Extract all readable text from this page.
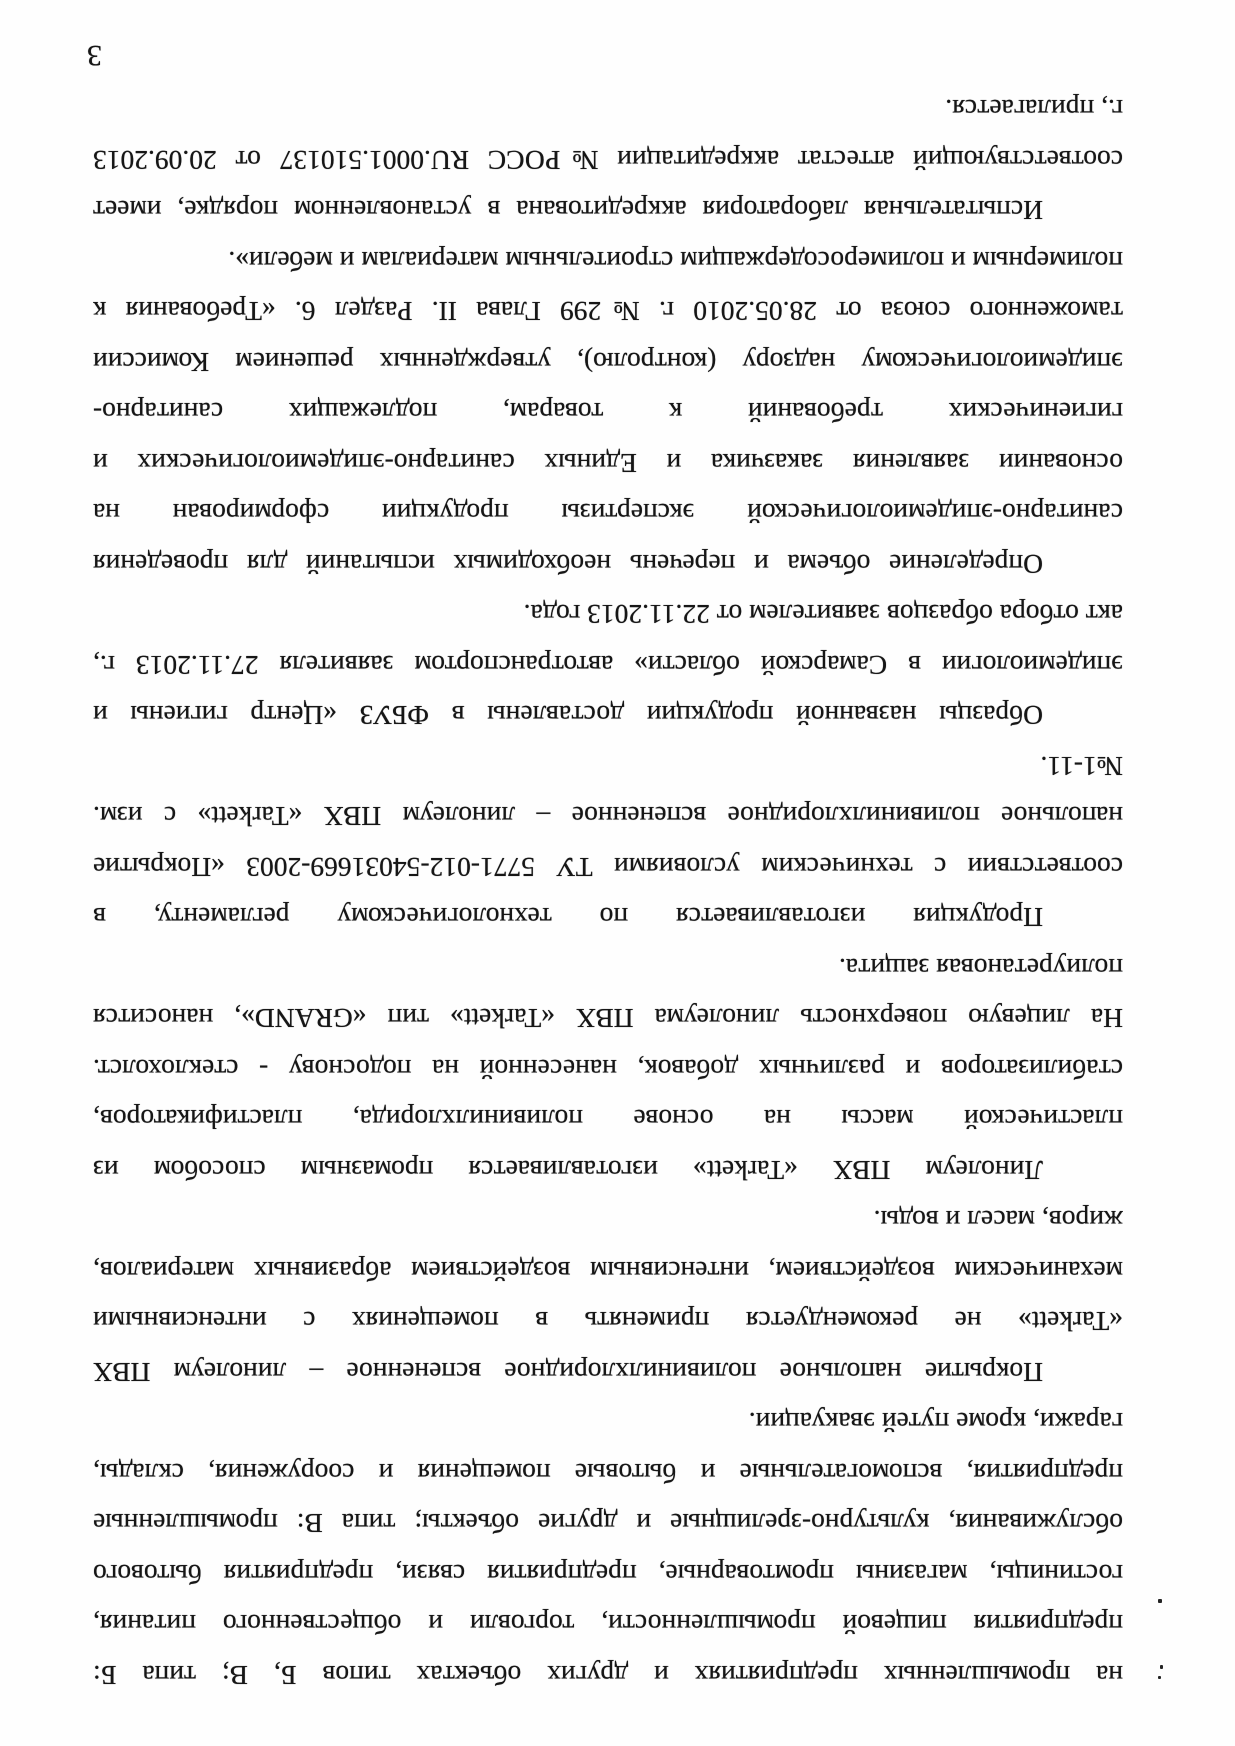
на промышленных предприятиях и других объектах типов Б, В; типа Б:
предприятия пищевой промышленности, торговли и общественного питания,
гостиницы, магазины промтоварные, предприятия связи, предприятия бытового
обслуживания, культурно-зрелищные и другие объекты; типа В: промышленные
предприятия, вспомогательные и бытовые помещения и сооружения, склады,
гаражи, кроме путей эвакуации.
Покрытие напольное поливинилхлоридное вспененное – линолеум ПВХ
«Tarkett» не рекомендуется применять в помещениях с интенсивными
механическим воздействием, интенсивным воздействием абразивных материалов,
жиров, масел и воды.
Линолеум ПВХ «Tarkett» изготавливается промазным способом из
пластической массы на основе поливинилхлорида, пластификаторов,
стабилизаторов и различных добавок, нанесенной на подоснову - стеклохолст.
На лицевую поверхность линолеума ПВХ «Tarkett» тип «GRAND», наносится
полиуретановая защита.
Продукция изготавливается по технологическому регламенту, в
соответствии с техническим условиями ТУ 5771-012-54031669-2003 «Покрытие
напольное поливинилхлоридное вспененное – линолеум ПВХ «Tarkett» с изм.
№1-11.
Образцы названной продукции доставлены в ФБУЗ «Центр гигиены и
эпидемиологии в Самарской области» автотранспортом заявителя 27.11.2013 г.,
акт отбора образцов заявителем от 22.11.2013 года.
Определение объема и перечень необходимых испытаний для проведения
санитарно-эпидемиологической экспертизы продукции сформирован на
основании заявления заказчика и Единых санитарно-эпидемиологических и
гигиенических требований к товарам, подлежащих санитарно-
эпидемиологическому надзору (контролю), утвержденных решением Комиссии
таможенного союза от 28.05.2010 г. №299 Глава II. Раздел 6. «Требования к
полимерным и полимеросодержащим строительным материалам и мебели».
Испытательная лаборатория аккредитована в установленном порядке, имеет
соответствующий аттестат аккредитации №РОСС RU.0001.510137 от 20.09.2013
г., прилагается.
3
